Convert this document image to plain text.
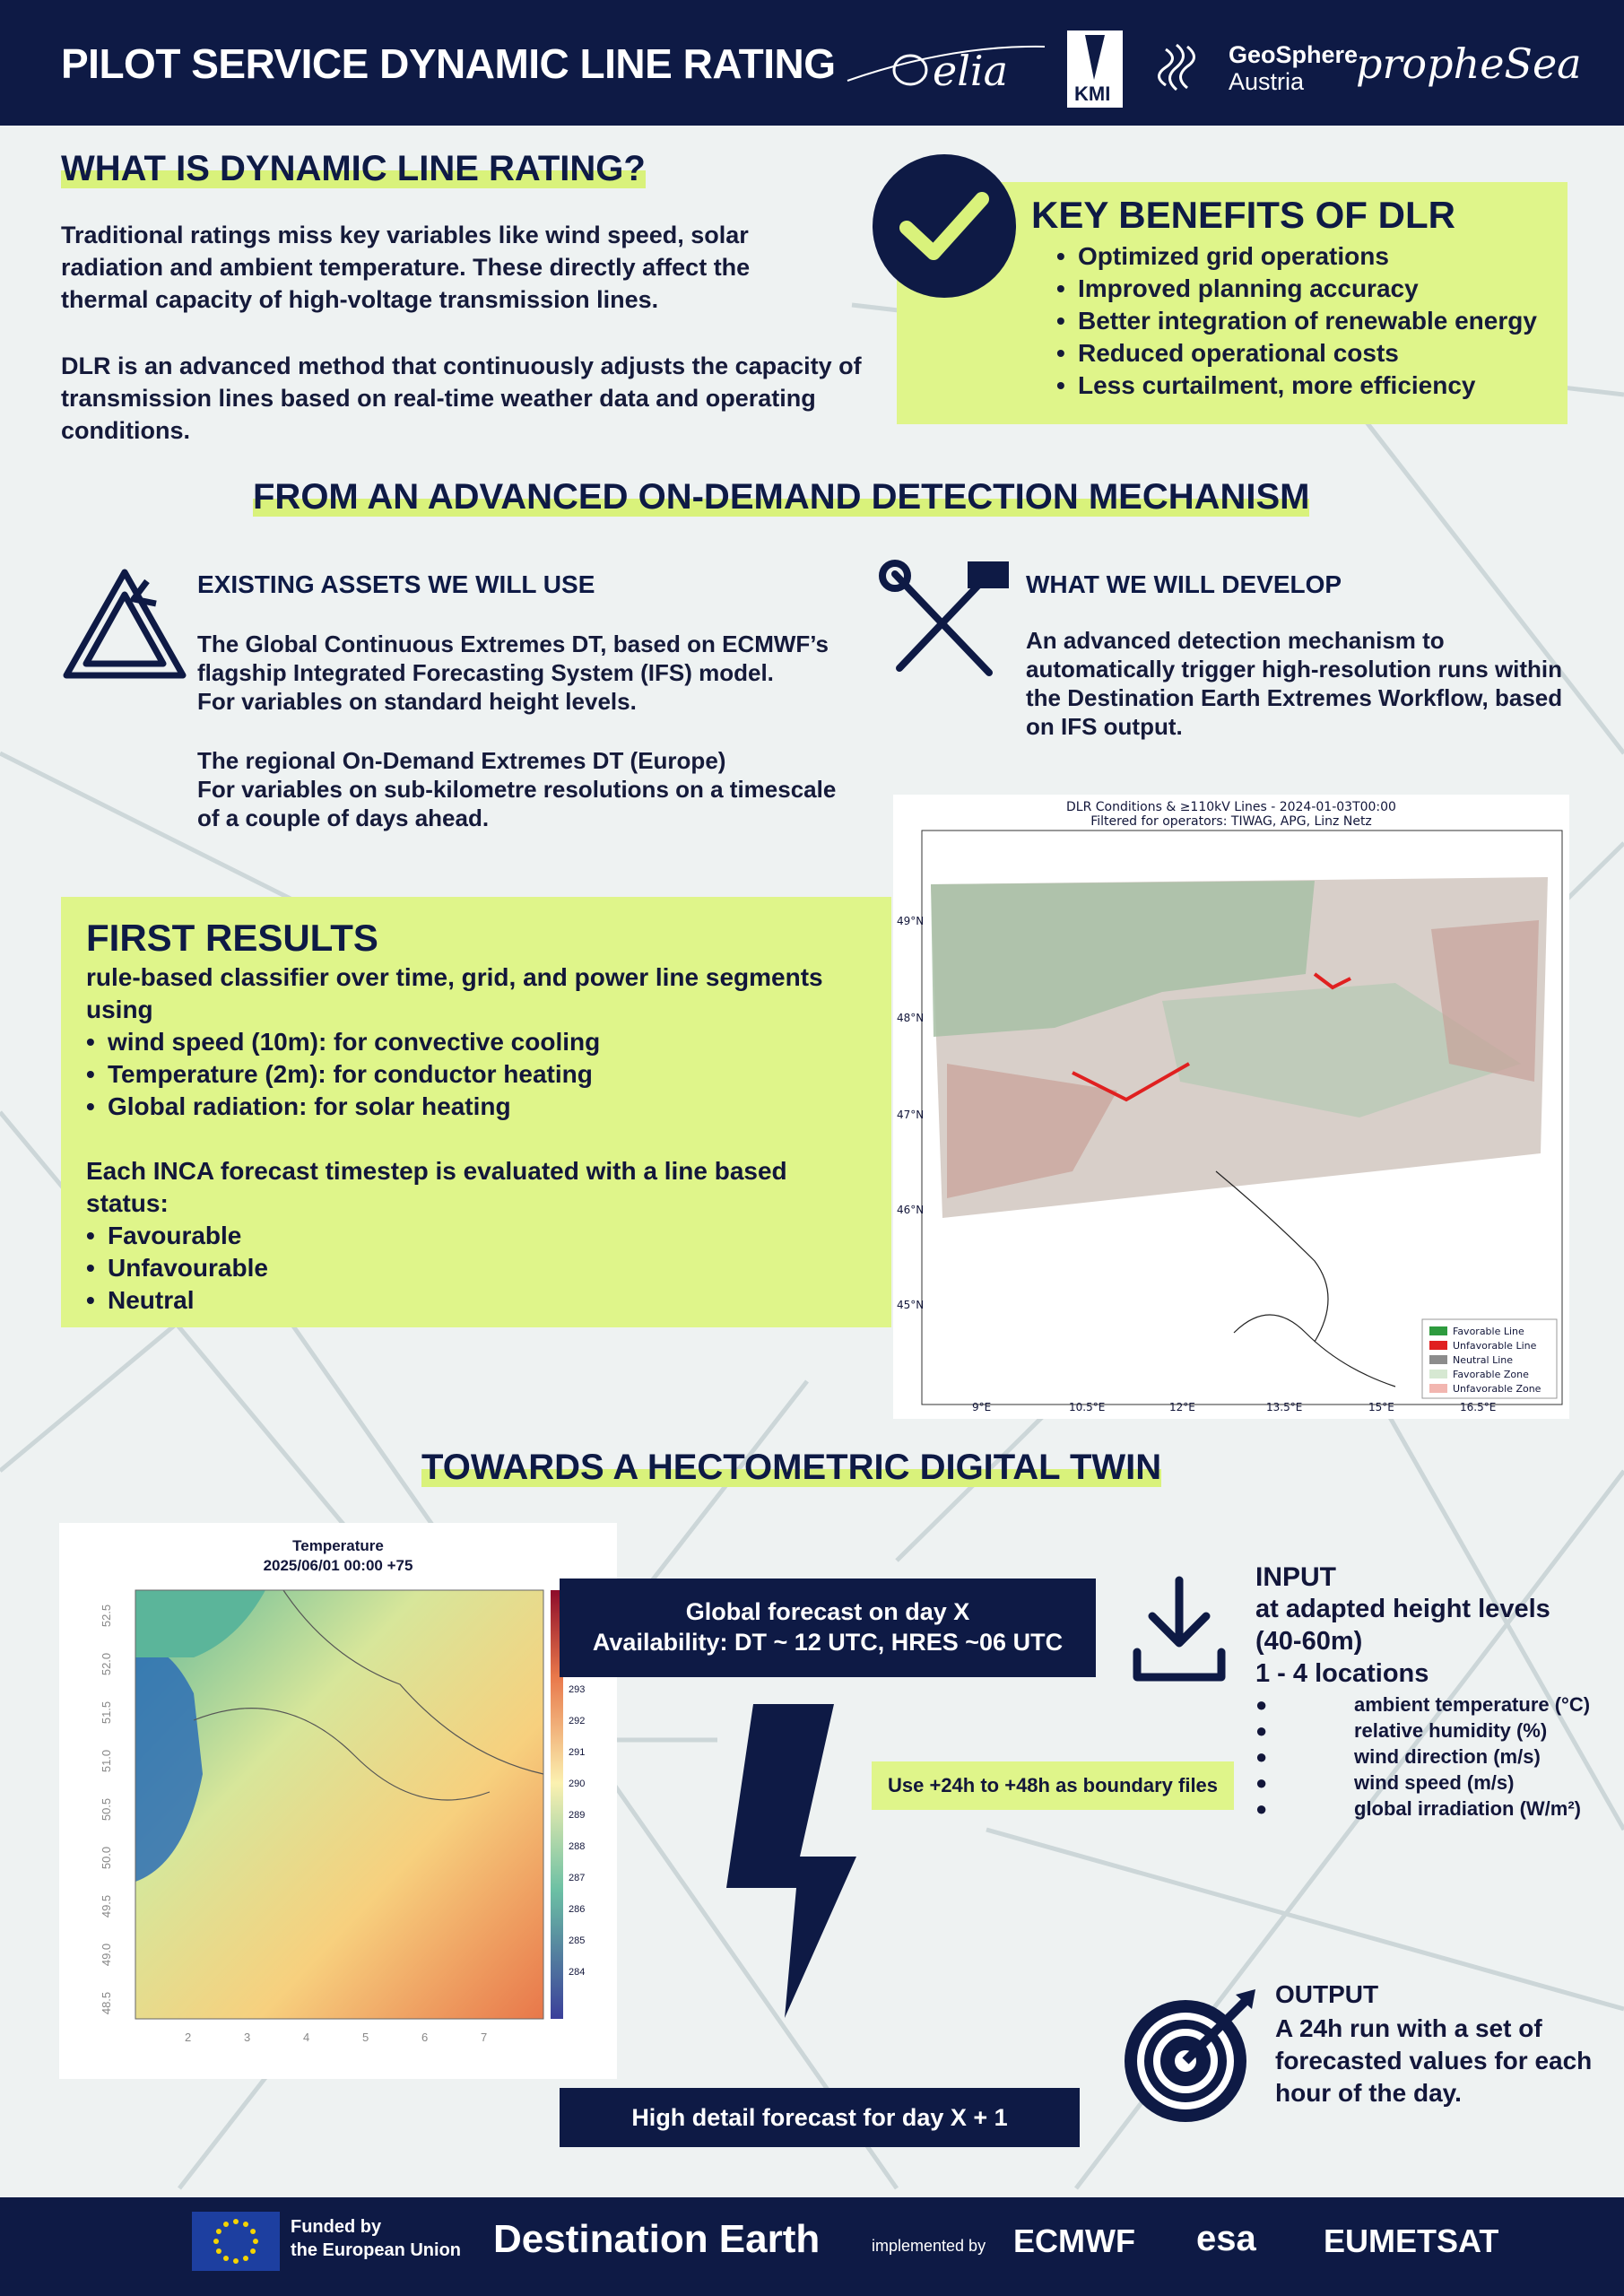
PILOT SERVICE DYNAMIC LINE RATING elia	KMI
GeoSphere
Austria propheSea
WHAT IS DYNAMIC LINE RATING?
Traditional ratings miss key variables like wind speed, solar radiation and ambient temperature. These directly affect the thermal capacity of high-voltage transmission lines.
DLR is an advanced method that continuously adjusts the capacity of transmission lines based on real-time weather data and operating conditions.
KEY BENEFITS OF DLR
• Optimized grid operations
• Improved planning accuracy
• Better integration of renewable energy
• Reduced operational costs
• Less curtailment, more efficiency
FROM AN ADVANCED ON-DEMAND DETECTION MECHANISM
EXISTING ASSETS WE WILL USE
The Global Continuous Extremes DT, based on ECMWF’s flagship Integrated Forecasting System (IFS) model.
For variables on standard height levels.
The regional On-Demand Extremes DT (Europe)
For variables on sub-kilometre resolutions on a timescale of a couple of days ahead.
WHAT WE WILL DEVELOP
An advanced detection mechanism to automatically trigger high-resolution runs within the Destination Earth Extremes Workflow, based on IFS output.
FIRST RESULTS
rule-based classifier over time, grid, and power line segments using
• wind speed (10m): for convective cooling
• Temperature (2m): for conductor heating
• Global radiation: for solar heating
Each INCA forecast timestep is evaluated with a line based status:
• Favourable
• Unfavourable
• Neutral
DLR Conditions & ≥110kV Lines - 2024-01-03T00:00
Filtered for operators: TIWAG, APG, Linz Netz
49°N
48°N
47°N
46°N
45°N
9°E	10.5°E	12°E	13.5°E	15°E	16.5°E
Favorable Line
Unfavorable Line
Neutral Line
Favorable Zone
Unfavorable Zone
TOWARDS A HECTOMETRIC DIGITAL TWIN
Temperature
2025/06/01 00:00 +75
52.5
52.0
51.5
51.0
50.5
50.0
49.5
49.0
48.5
2	3	4	5	6	7
293
292
291
290
289
288
287
286
285
284
Global forecast on day X
Availability: DT ~ 12 UTC, HRES ~06 UTC
Use +24h to +48h as boundary files
High detail forecast for day X + 1
INPUT
at adapted height levels
(40-60m)
1 - 4 locations
●	ambient temperature (°C)
●	relative humidity (%)
●	wind direction (m/s)
●	wind speed (m/s)
●	global irradiation (W/m²)
OUTPUT
A 24h run with a set of forecasted values for each hour of the day.
Funded by
the European Union Destination Earth	implemented by ECMWF esa EUMETSAT
